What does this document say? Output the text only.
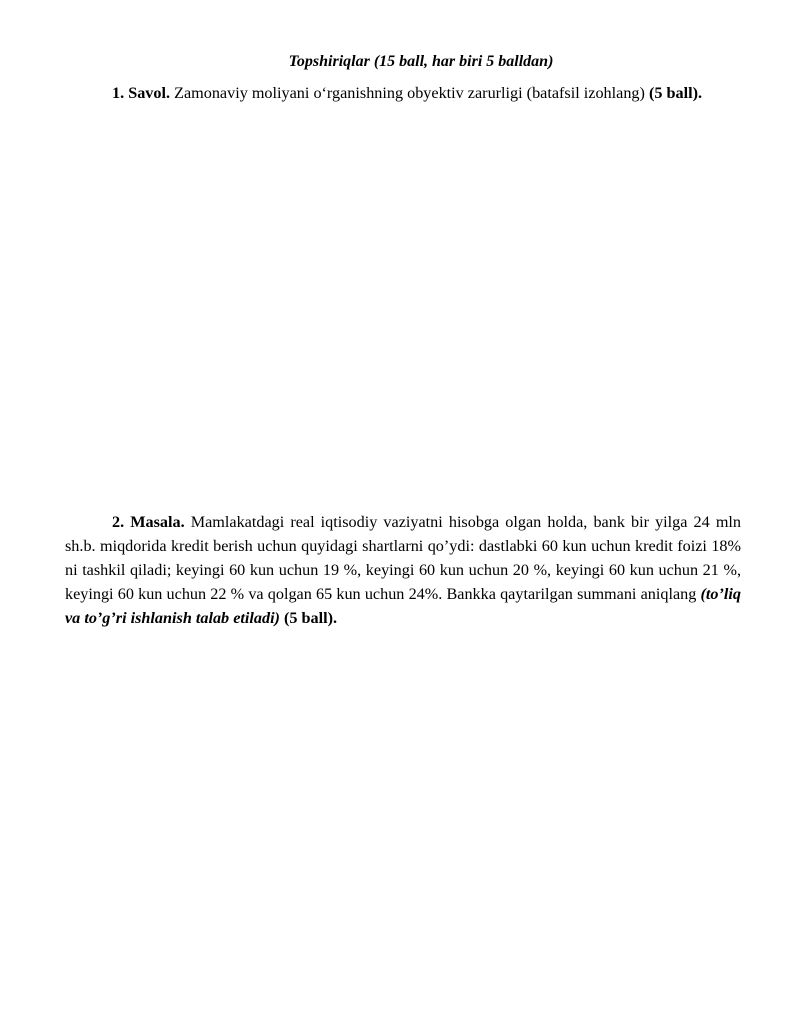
Topshiriqlar (15 ball, har biri 5 balldan)

1. Savol. Zamonaviy moliyani oʻrganishning obyektiv zarurligi (batafsil izohlang) (5 ball).

2. Masala. Mamlakatdagi real iqtisodiy vaziyatni hisobga olgan holda, bank bir yilga 24 mln sh.b. miqdorida kredit berish uchun quyidagi shartlarni qo’ydi: dastlabki 60 kun uchun kredit foizi 18% ni tashkil qiladi; keyingi 60 kun uchun 19 %, keyingi 60 kun uchun 20 %, keyingi 60 kun uchun 21 %, keyingi 60 kun uchun 22 % va qolgan 65 kun uchun 24%. Bankka qaytarilgan summani aniqlang (to’liq va to’g’ri ishlanish talab etiladi) (5 ball).
